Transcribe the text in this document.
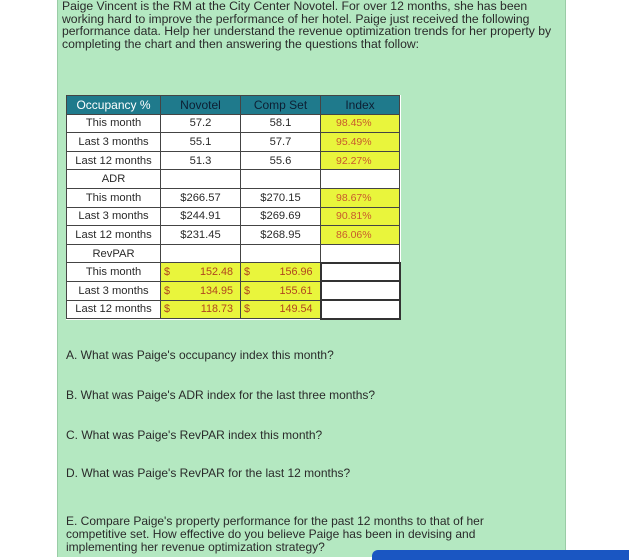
Paige Vincent is the RM at the City Center Novotel. For over 12 months, she has been working hard to improve the performance of her hotel. Paige just received the following performance data. Help her understand the revenue optimization trends for her property by completing the chart and then answering the questions that follow:

Occupancy %	Novotel	Comp Set	Index
This month	57.2	58.1	98.45%
Last 3 months	55.1	57.7	95.49%
Last 12 months	51.3	55.6	92.27%
ADR			
This month	$266.57	$270.15	98.67%
Last 3 months	$244.91	$269.69	90.81%
Last 12 months	$231.45	$268.95	86.06%
RevPAR			
This month	$ 152.48	$ 156.96	

Last 3 months	$ 134.95	$ 155.61	

Last 12 months	$ 118.73	$ 149.54	

A. What was Paige's occupancy index this month?

B. What was Paige's ADR index for the last three months?

C. What was Paige's RevPAR index this month?

D. What was Paige's RevPAR for the last 12 months?

E. Compare Paige's property performance for the past 12 months to that of her competitive set. How effective do you believe Paige has been in devising and implementing her revenue optimization strategy?
